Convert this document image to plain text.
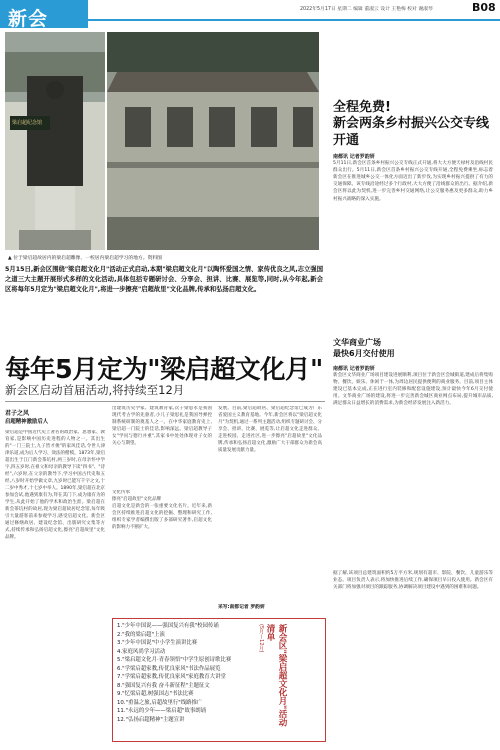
新会	2022年5月17日 星期二 编辑 董淑云 设计 王艳梅 校对 谢淑琴	B08
梁启超纪念馆
▲ 位于梁启超故居内的梁启超雕像、一校居内梁启超学习的地方。资料图
5月15日,新会区围绕"梁启超文化月"活动正式启动,本期"梁启超文化月"以陶怀爱国之情、家传优良之风,志立强国之道三大主题开展形式多样的文化活动,具体包括专题研讨会、分享会、担讲、比赛、展览等,同时,从今年起,新会区将每年5月定为"梁启超文化月",将进一步擦亮"启超故里"文化品牌,传承和弘扬启超文化。
每年5月定为"梁启超文化月"
新会区启动首届活动,将持续至12月
君子之风
启超精神激励后人
梁启超是中国近代史上著名的政治家、思想家、教育家,是影响中国历史进程的人物之一。其出生的"一门三院士,九子皆才俊"的家风佳话,令世人津津乐道,成为后人学习、效法的楷模。1873年,梁启超出生于江门新会茶坑村,两三岁时,在母亲怀中学字,四五岁时,在祖父和母亲的教导下读"四书"、"诗经",六岁时,在父亲的教导下,学习中国古代史和五经,八岁时开始学做文章,九岁时已能写千字之文,十二岁中秀才,十七岁中举人。1890年,梁启超在北京参加会试,他遇到康有为,拜在其门下,成为康有为的学生,从此开始了他的学术和政治生涯。梁启超在新会茶坑村的故居,现为梁启超故居纪念馆,每年吸引大量游客前来参观学习,感受启超文化。新会区通过修缮故居、建设纪念馆、出版研究文集等方式,持续传承和弘扬启超文化,擦亮"启超故里"文化品牌。
出建筑历史学家、建筑教育家,次子梁思永是我国现代考古学的先驱者,小儿子梁思礼是我国导弹控制系统研制的奠基人之一。在中华家庭教育史上,梁启超一门院士的佳话,影响深远。梁启超教导子女"学问与德行并重",其家书中处处体现对子女的关心与期望。
文化传承
擦亮"启超故里"文化品牌
启超文化是新会的一张重要文化名片。近年来,新会区持续推进启超文化的挖掘、整理和研究工作,组织专家学者编撰出版了多部研究著作,启超文化的影响力不断扩大。
发展。目前,梁启超故居、梁启超纪念馆已成为广东省爱国主义教育基地。今年,新会区将以"梁启超文化月"为契机,通过一系列主题活动,组织专题研讨会、分享会、担讲、比赛、展览等,让启超文化走进群众、走进校园、走进社区,进一步擦亮"启超故里"文化品牌,传承和弘扬启超文化,激励广大干部群众为新会高质量发展贡献力量。
采写:南都记者 罗韵妍
1."少年中国说——强国复兴有我"校园传诵
2."我的梁启超"上演
3."少年中国说"中小学生演讲比赛
4.家庭风尚学习活动
5."梁启超文化月·青春领悟"中学生原创诗歌比赛
6."学梁启超家教,传优良家风"书法作品展览
7."学梁启超家教,传优良家风"家庭教育大讲堂
8."强国复兴有我 奋斗新征程"主题征文
9."忆梁启超,树强国志"书法比赛
10."重温之旅,启超故里行"线路推广
11."永远的少年——梁启超"故事朗诵
12."弘扬启超精神"主题宣讲
(5月—12月)	新会区"梁启超文化月"活动清单
全程免费!
新会两条乡村振兴公交专线开通
南都讯 记者罗韵妍
5月11日,新会区首条乡村振兴公交专线正式开通,将大大方便天禄村及沿线村民群众出行。5月11日,新会区首条乡村振兴公交专线开通,全程免费乘坐,标志着新会区在推进城乡公交一体化方面迈出了新步伐,为实现乡村振兴提供了有力的交通保障。该专线沿途经过多个行政村,大大方便了沿线群众的出行。据介绍,新会区将以此为契机,进一步完善乡村交通网络,让公交服务惠及更多群众,助力乡村振兴战略的深入实施。
文华商业广场
最快6月交付使用
南都讯 记者罗韵妍
新会区文华商业广场项目建设进展顺利,项目位于新会区会城街道,建成后将集购物、餐饮、娱乐、休闲于一体,为周边居民提供便利的商业服务。目前,项目主体建设已基本完成,正在进行室内装修和配套设施建设,预计最快今年6月交付使用。文华商业广场的建设,将进一步完善新会城区商业网点布局,提升城市品质,满足群众日益增长的消费需求,为新会经济发展注入新活力。
据了解,该项目总建筑面积约5万平方米,规划有超市、影院、餐饮、儿童游乐等业态。项目负责人表示,将加快推进后续工作,确保项目早日投入使用。新会区有关部门将加强对项目的跟踪服务,协调解决项目建设中遇到的困难和问题。
